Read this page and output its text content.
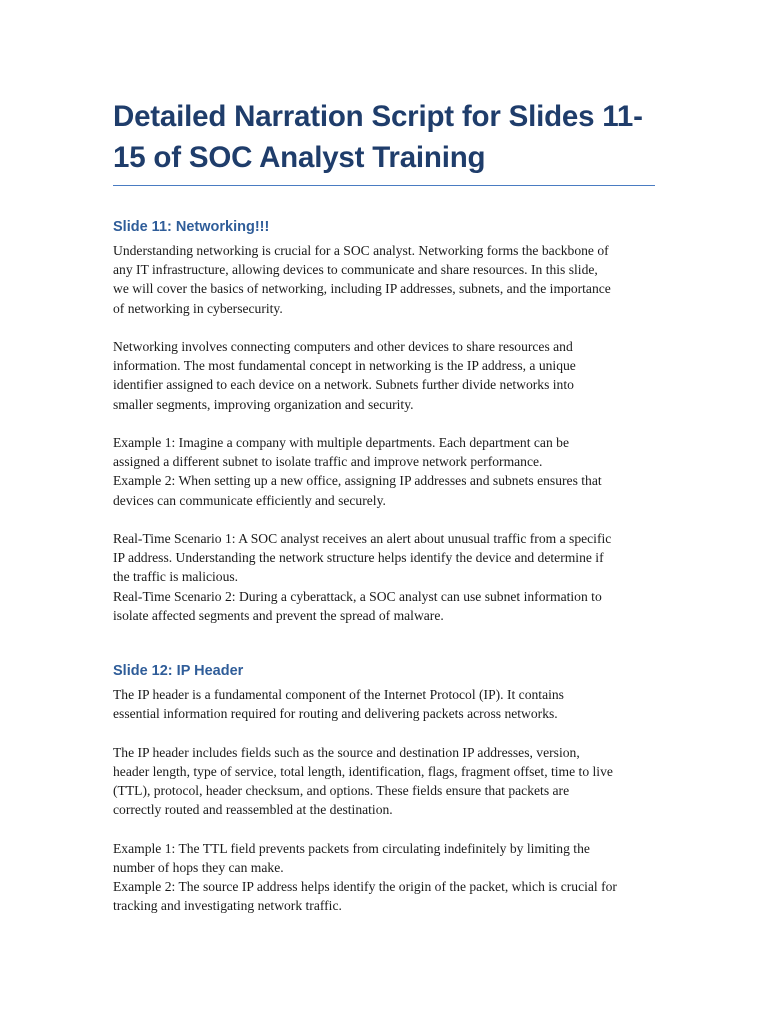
Detailed Narration Script for Slides 11-
15 of SOC Analyst Training
Slide 11: Networking!!!

Understanding networking is crucial for a SOC analyst. Networking forms the backbone of
any IT infrastructure, allowing devices to communicate and share resources. In this slide,
we will cover the basics of networking, including IP addresses, subnets, and the importance
of networking in cybersecurity.

Networking involves connecting computers and other devices to share resources and
information. The most fundamental concept in networking is the IP address, a unique
identifier assigned to each device on a network. Subnets further divide networks into
smaller segments, improving organization and security.

Example 1: Imagine a company with multiple departments. Each department can be
assigned a different subnet to isolate traffic and improve network performance.
Example 2: When setting up a new office, assigning IP addresses and subnets ensures that
devices can communicate efficiently and securely.

Real-Time Scenario 1: A SOC analyst receives an alert about unusual traffic from a specific
IP address. Understanding the network structure helps identify the device and determine if
the traffic is malicious.
Real-Time Scenario 2: During a cyberattack, a SOC analyst can use subnet information to
isolate affected segments and prevent the spread of malware.

Slide 12: IP Header

The IP header is a fundamental component of the Internet Protocol (IP). It contains
essential information required for routing and delivering packets across networks.

The IP header includes fields such as the source and destination IP addresses, version,
header length, type of service, total length, identification, flags, fragment offset, time to live
(TTL), protocol, header checksum, and options. These fields ensure that packets are
correctly routed and reassembled at the destination.

Example 1: The TTL field prevents packets from circulating indefinitely by limiting the
number of hops they can make.
Example 2: The source IP address helps identify the origin of the packet, which is crucial for
tracking and investigating network traffic.
